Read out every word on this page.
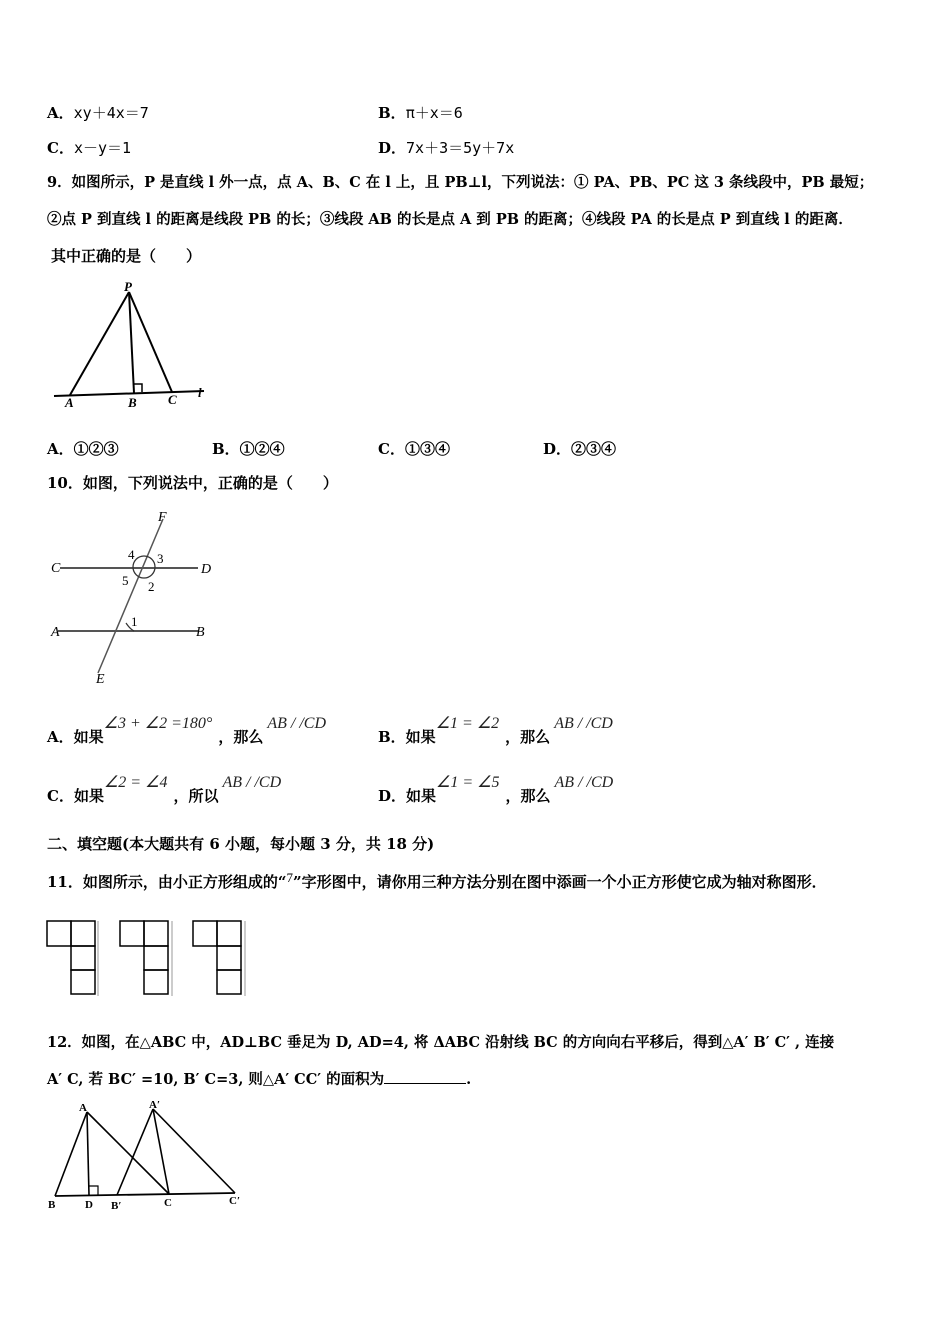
A．xy＋4x＝7	B．π＋x＝6
C．x－y＝1	D．7x＋3＝5y＋7x
9．如图所示，P 是直线 l 外一点，点 A、B、C 在 l 上，且 PB⊥l，下列说法：① PA、PB、PC 这 3 条线段中，PB 最短；
②点 P 到直线 l 的距离是线段 PB 的长；③线段 AB 的长是点 A 到 PB 的距离；④线段 PA 的长是点 P 到直线 l 的距离．
其中正确的是（　　）
P
A	B C l
A．①②③	B．①②④	C．①③④	D．②③④
10．如图，下列说法中，正确的是（　　）
F
C	D
A	B
E
1
2
3
4
5
A．如果∠3 + ∠2 =180°，那么AB / /CD
B．如果∠1 = ∠2，那么AB / /CD
C．如果∠2 = ∠4，所以AB / /CD
D．如果∠1 = ∠5，那么AB / /CD
二、填空题(本大题共有 6 小题，每小题 3 分，共 18 分)
11．如图所示，由小正方形组成的“7”字形图中，请你用三种方法分别在图中添画一个小正方形使它成为轴对称图形．
12．如图，在△ABC 中，AD⊥BC 垂足为 D, AD=4, 将 ΔABC 沿射线 BC 的方向向右平移后，得到△A′ B′ C′ , 连接
A′ C, 若 BC′ =10, B′ C=3, 则△A′ CC′ 的面积为	.
A	A′
B	D B′	C	C′
